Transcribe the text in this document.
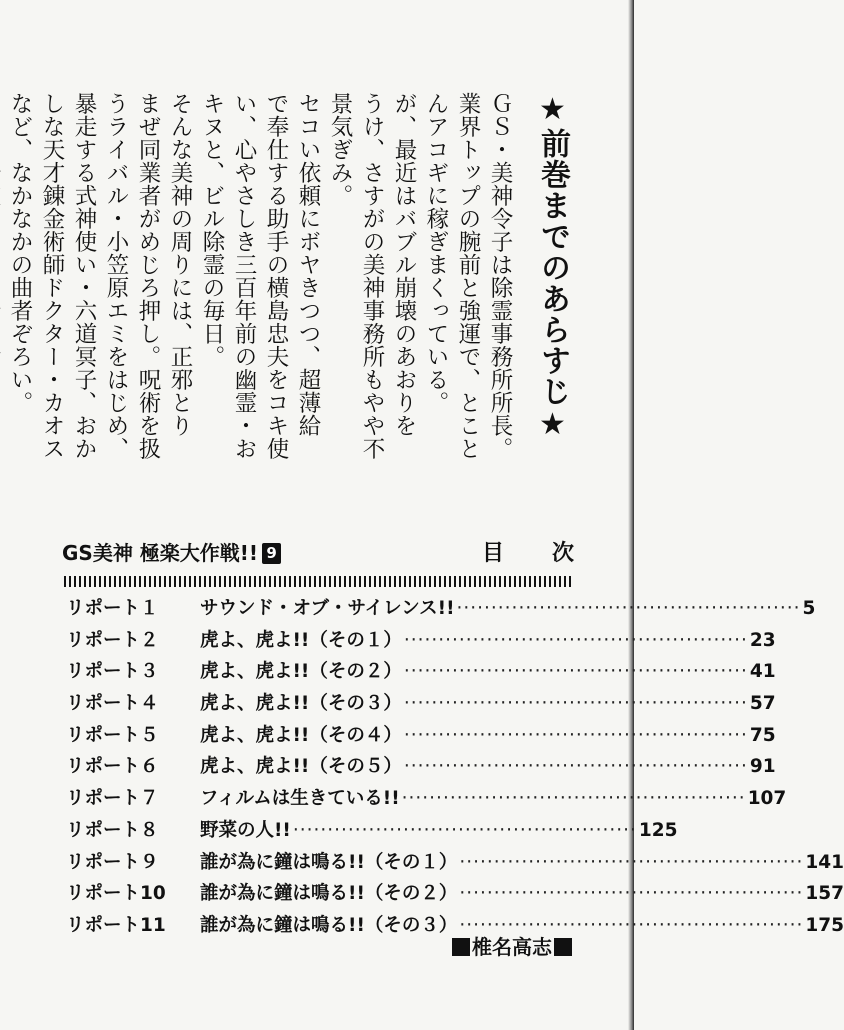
★前巻までのあらすじ★
ＧＳ・美神令子は除霊事務所所長。
業界トップの腕前と強運で、とこと
んアコギに稼ぎまくっている。
が、最近はバブル崩壊のあおりを
うけ、さすがの美神事務所もやや不
景気ぎみ。
セコい依頼にボヤきつつ、超薄給
で奉仕する助手の横島忠夫をコキ使
い、心やさしき三百年前の幽霊・お
キヌと、ビル除霊の毎日。
そんな美神の周りには、正邪とり
まぜ同業者がめじろ押し。呪術を扱
うライバル・小笠原エミをはじめ、
暴走する式神使い・六道冥子、おか
しな天才錬金術師ドクター・カオス
など、なかなかの曲者ぞろい。
GS美神 極楽大作戦!! 9	目次
リポート１	サウンド・オブ・サイレンス!! ·················································· 5
リポート２	虎よ、虎よ!!（その１） ·················································· 23
リポート３	虎よ、虎よ!!（その２） ·················································· 41
リポート４	虎よ、虎よ!!（その３） ·················································· 57
リポート５	虎よ、虎よ!!（その４） ·················································· 75
リポート６	虎よ、虎よ!!（その５） ·················································· 91
リポート７	フィルムは生きている!! ·················································· 107
リポート８	野菜の人!! ·················································· 125
リポート９	誰が為に鐘は鳴る!!（その１） ·················································· 141
リポート10	誰が為に鐘は鳴る!!（その２） ·················································· 157
リポート11	誰が為に鐘は鳴る!!（その３） ·················································· 175
椎名高志
